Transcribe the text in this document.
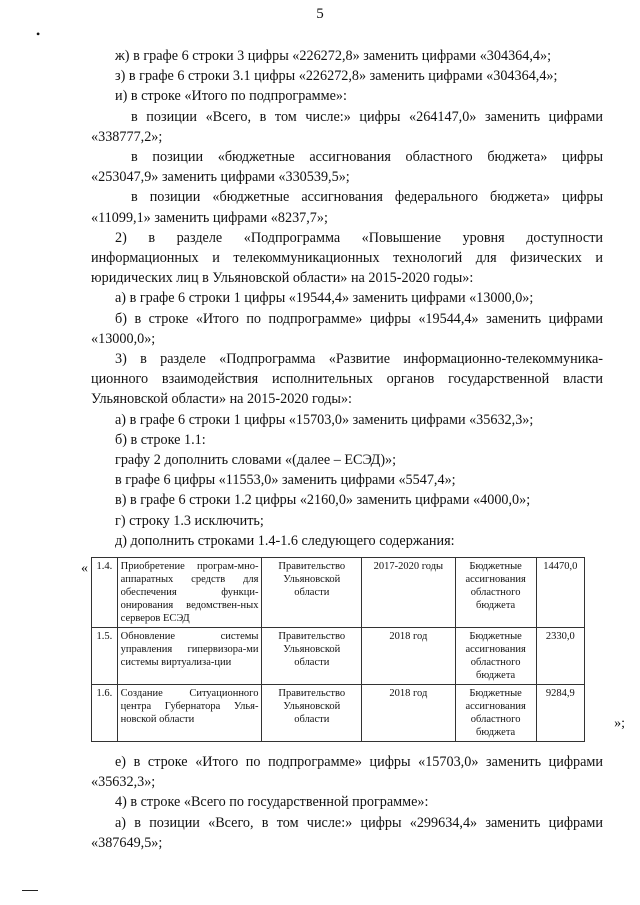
5
•

ж) в графе 6 строки 3 цифры «226272,8» заменить цифрами «304364,4»;

з) в графе 6 строки 3.1 цифры «226272,8» заменить цифрами «304364,4»;

и) в строке «Итого по подпрограмме»:

в позиции «Всего, в том числе:» цифры «264147,0» заменить цифрами «338777,2»;

в позиции «бюджетные ассигнования областного бюджета» цифры «253047,9» заменить цифрами «330539,5»;

в позиции «бюджетные ассигнования федерального бюджета» цифры «11099,1» заменить цифрами «8237,7»;

2) в разделе «Подпрограмма «Повышение уровня доступности информационных и телекоммуникационных технологий для физических и юридических лиц в Ульяновской области» на 2015-2020 годы»:

а) в графе 6 строки 1 цифры «19544,4» заменить цифрами «13000,0»;

б) в строке «Итого по подпрограмме» цифры «19544,4» заменить цифрами «13000,0»;

3) в разделе «Подпрограмма «Развитие информационно-телекоммуника-ционного взаимодействия исполнительных органов государственной власти Ульяновской области» на 2015-2020 годы»:

а) в графе 6 строки 1 цифры «15703,0» заменить цифрами «35632,3»;

б) в строке 1.1:

графу 2 дополнить словами «(далее – ЕСЭД)»;

в графе 6 цифры «11553,0» заменить цифрами «5547,4»;

в) в графе 6 строки 1.2 цифры «2160,0» заменить цифрами «4000,0»;

г) строку 1.3 исключить;

д) дополнить строками 1.4-1.6 следующего содержания:

« 1.4.	Приобретение програм-мно-аппаратных средств для обеспечения функци-онирования ведомствен-ных серверов ЕСЭД	Правительство Ульяновской области	2017-2020 годы	Бюджетные ассигнования областного бюджета	14470,0
1.5.	Обновление системы управления гипервизора-ми системы виртуализа-ции	Правительство Ульяновской области	2018 год	Бюджетные ассигнования областного бюджета	2330,0
1.6.	Создание Ситуационного центра Губернатора Улья-новской области	Правительство Ульяновской области	2018 год	Бюджетные ассигнования областного бюджета	9284,9
»;

е) в строке «Итого по подпрограмме» цифры «15703,0» заменить цифрами «35632,3»;

4) в строке «Всего по государственной программе»:

а) в позиции «Всего, в том числе:» цифры «299634,4» заменить цифрами «387649,5»;
